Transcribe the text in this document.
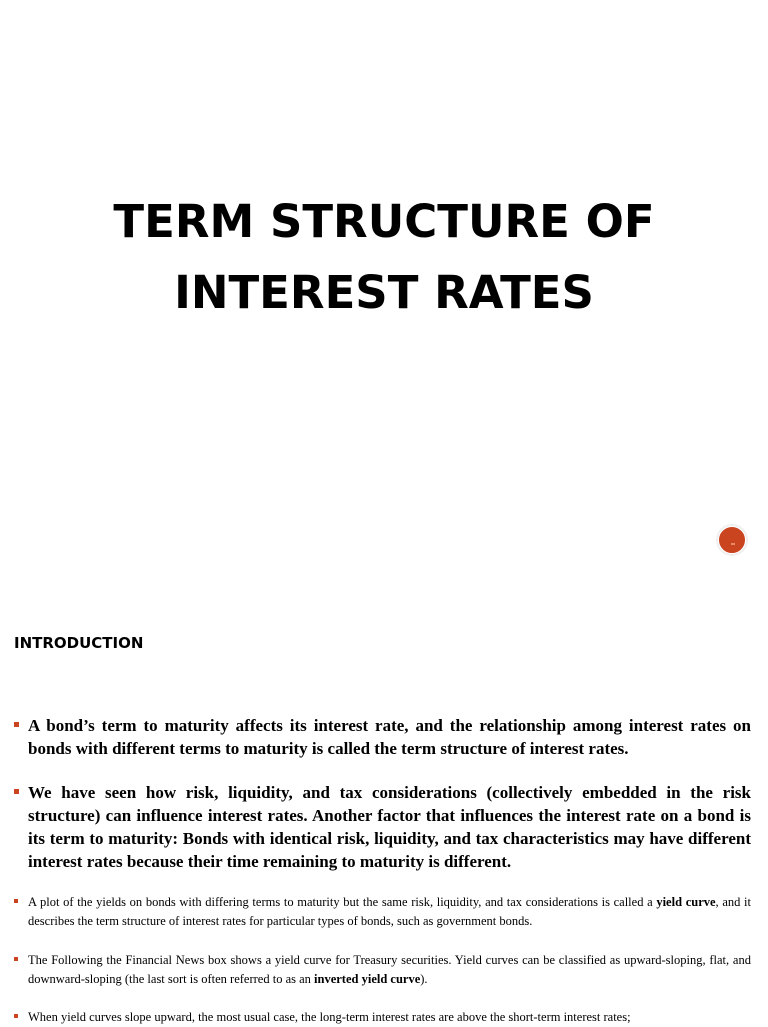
TERM STRUCTURE OF
INTEREST RATES
INTRODUCTION
A bond’s term to maturity affects its interest rate, and the relationship among interest rates on bonds with different terms to maturity is called the term structure of interest rates.
We have seen how risk, liquidity, and tax considerations (collectively embedded in the risk structure) can influence interest rates. Another factor that influences the interest rate on a bond is its term to maturity: Bonds with identical risk, liquidity, and tax characteristics may have different interest rates because their time remaining to maturity is different.
A plot of the yields on bonds with differing terms to maturity but the same risk, liquidity, and tax considerations is called a yield curve, and it describes the term structure of interest rates for particular types of bonds, such as government bonds.
The Following the Financial News box shows a yield curve for Treasury securities. Yield curves can be classified as upward-sloping, flat, and downward-sloping (the last sort is often referred to as an inverted yield curve).
When yield curves slope upward, the most usual case, the long-term interest rates are above the short-term interest rates;
